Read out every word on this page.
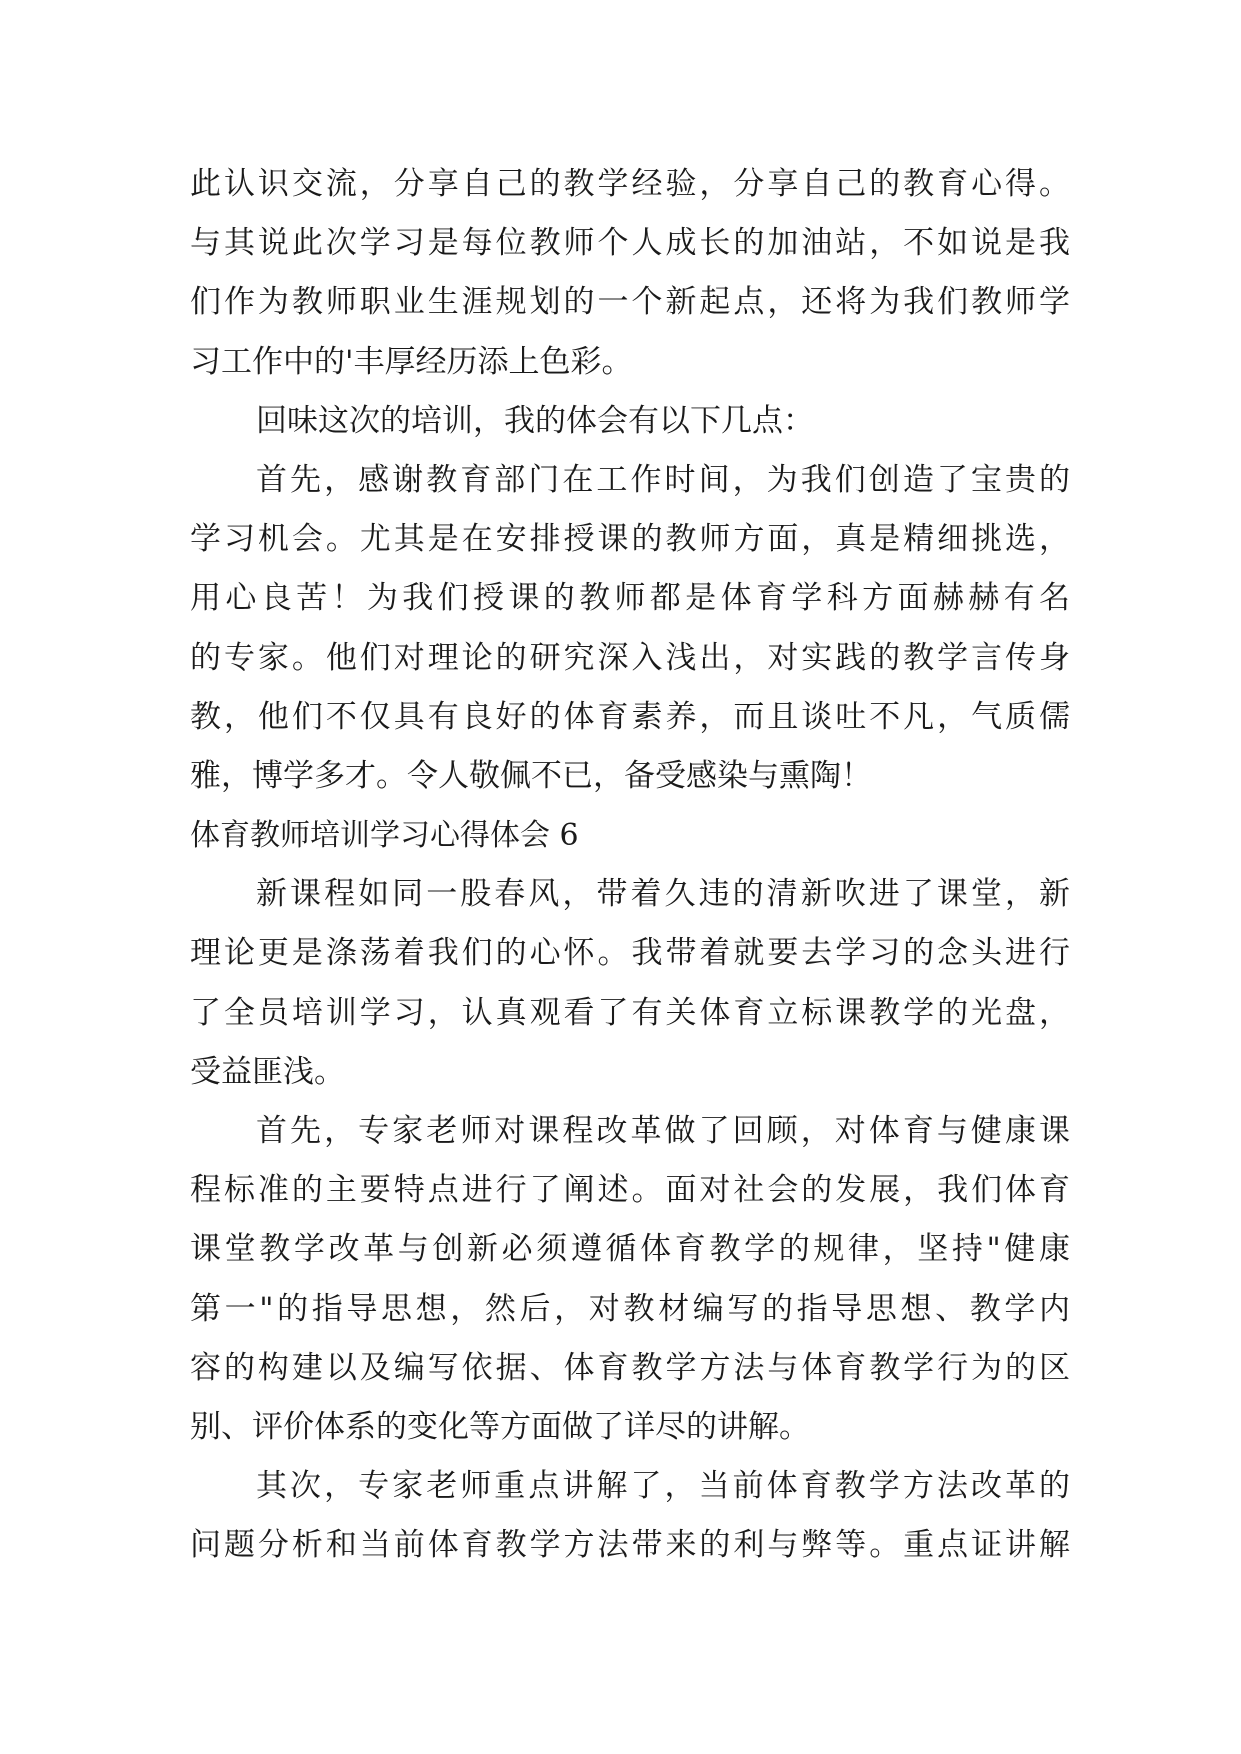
此认识交流，分享自己的教学经验，分享自己的教育心得。
与其说此次学习是每位教师个人成长的加油站，不如说是我
们作为教师职业生涯规划的一个新起点，还将为我们教师学
习工作中的'丰厚经历添上色彩。
回味这次的培训，我的体会有以下几点：
首先，感谢教育部门在工作时间，为我们创造了宝贵的
学习机会。尤其是在安排授课的教师方面，真是精细挑选，
用心良苦！为我们授课的教师都是体育学科方面赫赫有名
的专家。他们对理论的研究深入浅出，对实践的教学言传身
教，他们不仅具有良好的体育素养，而且谈吐不凡，气质儒
雅，博学多才。令人敬佩不已，备受感染与熏陶！
体育教师培训学习心得体会 6
新课程如同一股春风，带着久违的清新吹进了课堂，新
理论更是涤荡着我们的心怀。我带着就要去学习的念头进行
了全员培训学习，认真观看了有关体育立标课教学的光盘，
受益匪浅。
首先，专家老师对课程改革做了回顾，对体育与健康课
程标准的主要特点进行了阐述。面对社会的发展，我们体育
课堂教学改革与创新必须遵循体育教学的规律，坚持"健康
第一"的指导思想，然后，对教材编写的指导思想、教学内
容的构建以及编写依据、体育教学方法与体育教学行为的区
别、评价体系的变化等方面做了详尽的讲解。
其次，专家老师重点讲解了，当前体育教学方法改革的
问题分析和当前体育教学方法带来的利与弊等。重点证讲解
